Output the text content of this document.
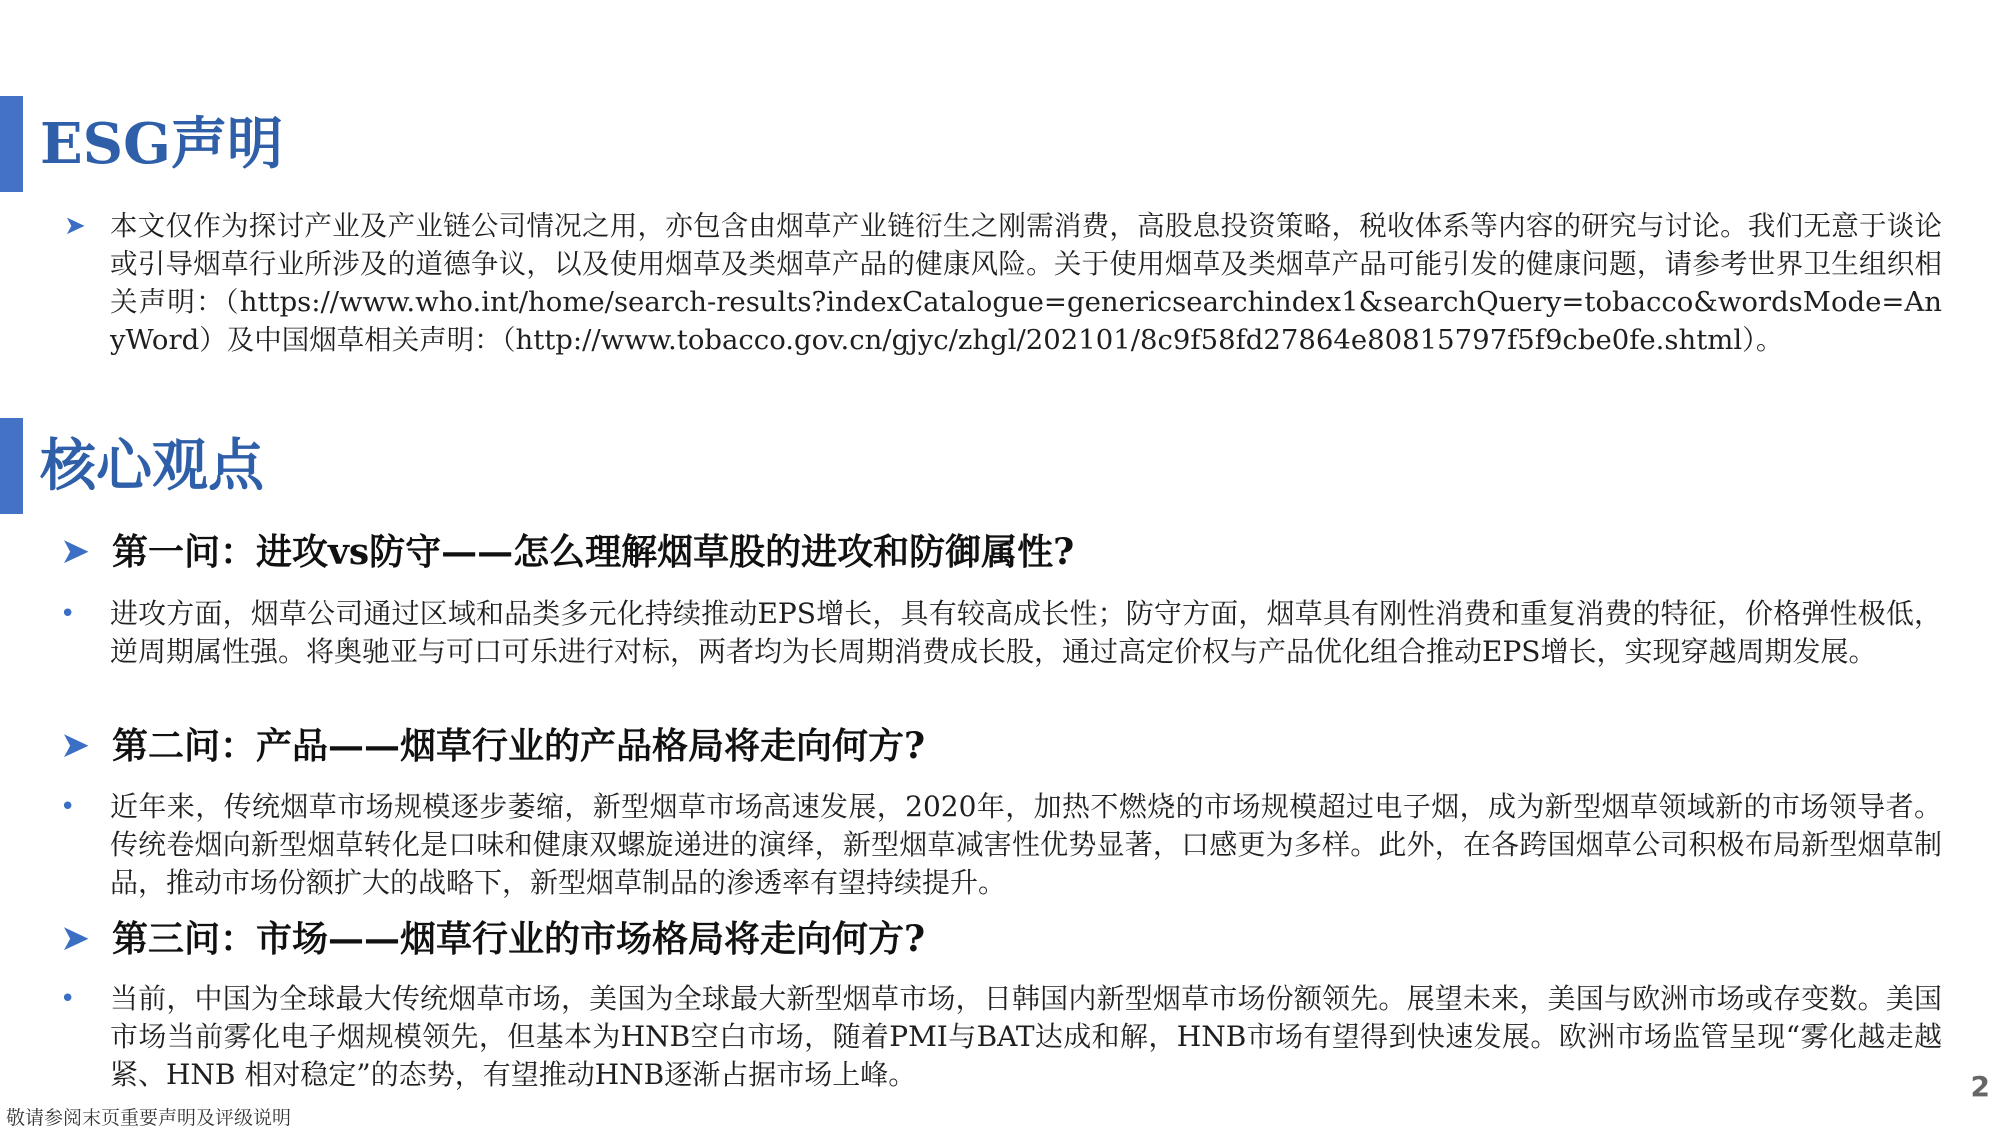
ESG声明
➤ 本文仅作为探讨产业及产业链公司情况之用，亦包含由烟草产业链衍生之刚需消费，高股息投资策略，税收体系等内容的研究与讨论。我们无意于谈论或引导烟草行业所涉及的道德争议，以及使用烟草及类烟草产品的健康风险。关于使用烟草及类烟草产品可能引发的健康问题，请参考世界卫生组织相关声明：（https://www.who.int/home/search-results?indexCatalogue=genericsearchindex1&searchQuery=tobacco&wordsMode=AnyWord）及中国烟草相关声明：（http://www.tobacco.gov.cn/gjyc/zhgl/202101/8c9f58fd27864e80815797f5f9cbe0fe.shtml）。
核心观点
➤ 第一问：进攻vs防守——怎么理解烟草股的进攻和防御属性?
• 进攻方面，烟草公司通过区域和品类多元化持续推动EPS增长，具有较高成长性；防守方面，烟草具有刚性消费和重复消费的特征，价格弹性极低，逆周期属性强。将奥驰亚与可口可乐进行对标，两者均为长周期消费成长股，通过高定价权与产品优化组合推动EPS增长，实现穿越周期发展。
➤ 第二问：产品——烟草行业的产品格局将走向何方?
• 近年来，传统烟草市场规模逐步萎缩，新型烟草市场高速发展，2020年，加热不燃烧的市场规模超过电子烟，成为新型烟草领域新的市场领导者。传统卷烟向新型烟草转化是口味和健康双螺旋递进的演绎，新型烟草减害性优势显著，口感更为多样。此外，在各跨国烟草公司积极布局新型烟草制品，推动市场份额扩大的战略下，新型烟草制品的渗透率有望持续提升。
➤ 第三问：市场——烟草行业的市场格局将走向何方?
• 当前，中国为全球最大传统烟草市场，美国为全球最大新型烟草市场，日韩国内新型烟草市场份额领先。展望未来，美国与欧洲市场或存变数。美国市场当前雾化电子烟规模领先，但基本为HNB空白市场，随着PMI与BAT达成和解，HNB市场有望得到快速发展。欧洲市场监管呈现“雾化越走越紧、HNB 相对稳定”的态势，有望推动HNB逐渐占据市场上峰。
敬请参阅末页重要声明及评级说明
2
